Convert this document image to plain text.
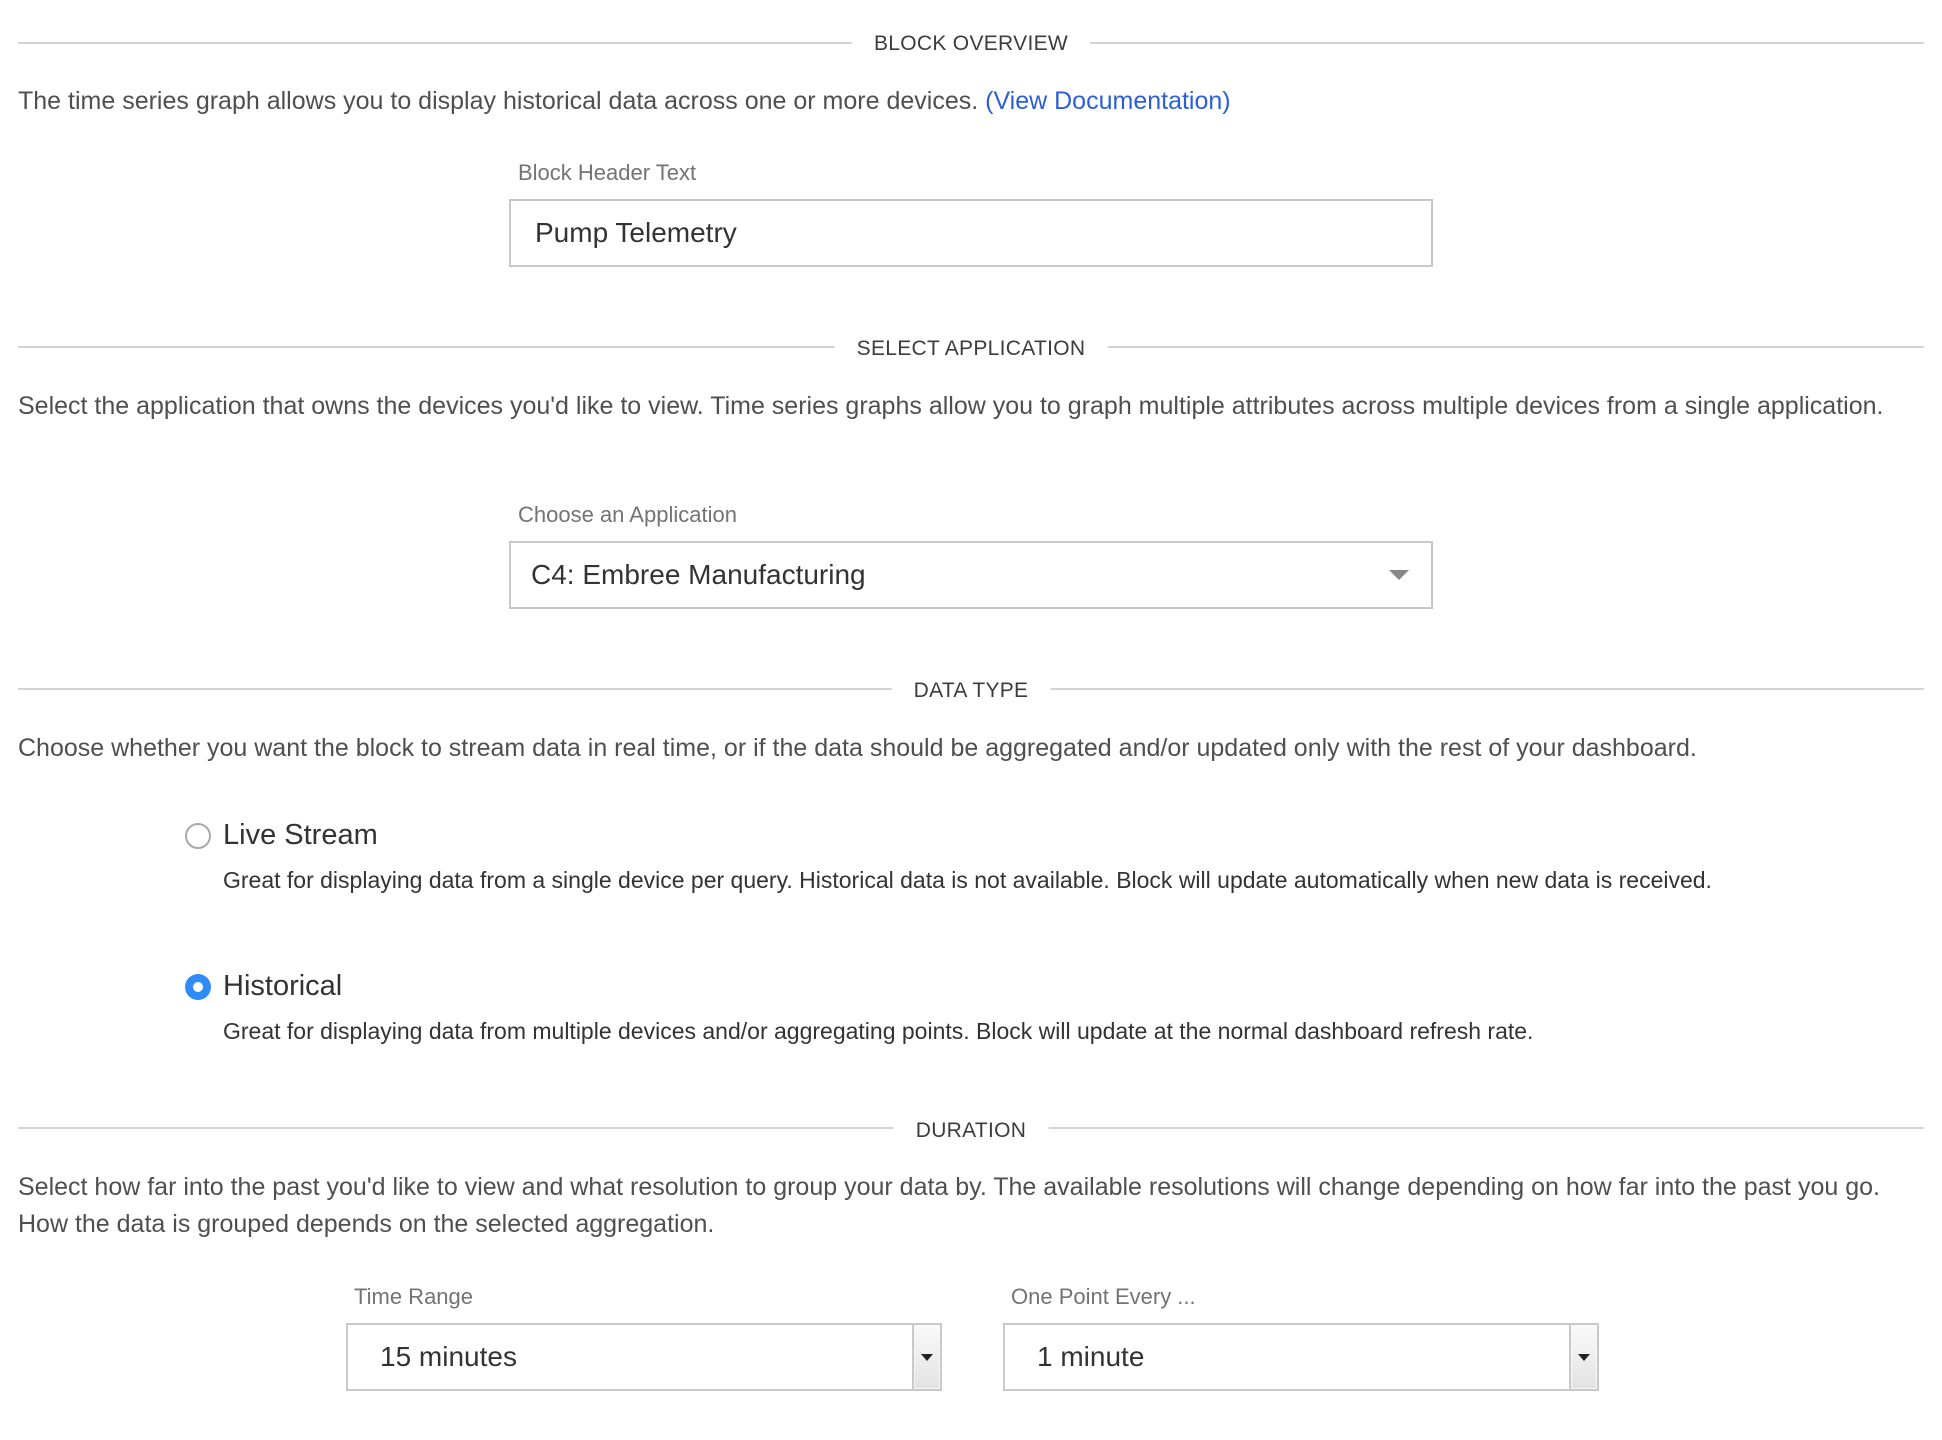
BLOCK OVERVIEW
The time series graph allows you to display historical data across one or more devices. (View Documentation)
Block Header Text
Pump Telemetry
SELECT APPLICATION
Select the application that owns the devices you'd like to view. Time series graphs allow you to graph multiple attributes across multiple devices from a single application.
Choose an Application
C4: Embree Manufacturing
DATA TYPE
Choose whether you want the block to stream data in real time, or if the data should be aggregated and/or updated only with the rest of your dashboard.
Live Stream
Great for displaying data from a single device per query. Historical data is not available. Block will update automatically when new data is received.
Historical
Great for displaying data from multiple devices and/or aggregating points. Block will update at the normal dashboard refresh rate.
DURATION
Select how far into the past you'd like to view and what resolution to group your data by. The available resolutions will change depending on how far into the past you go. How the data is grouped depends on the selected aggregation.
Time Range
15 minutes
One Point Every ...
1 minute
